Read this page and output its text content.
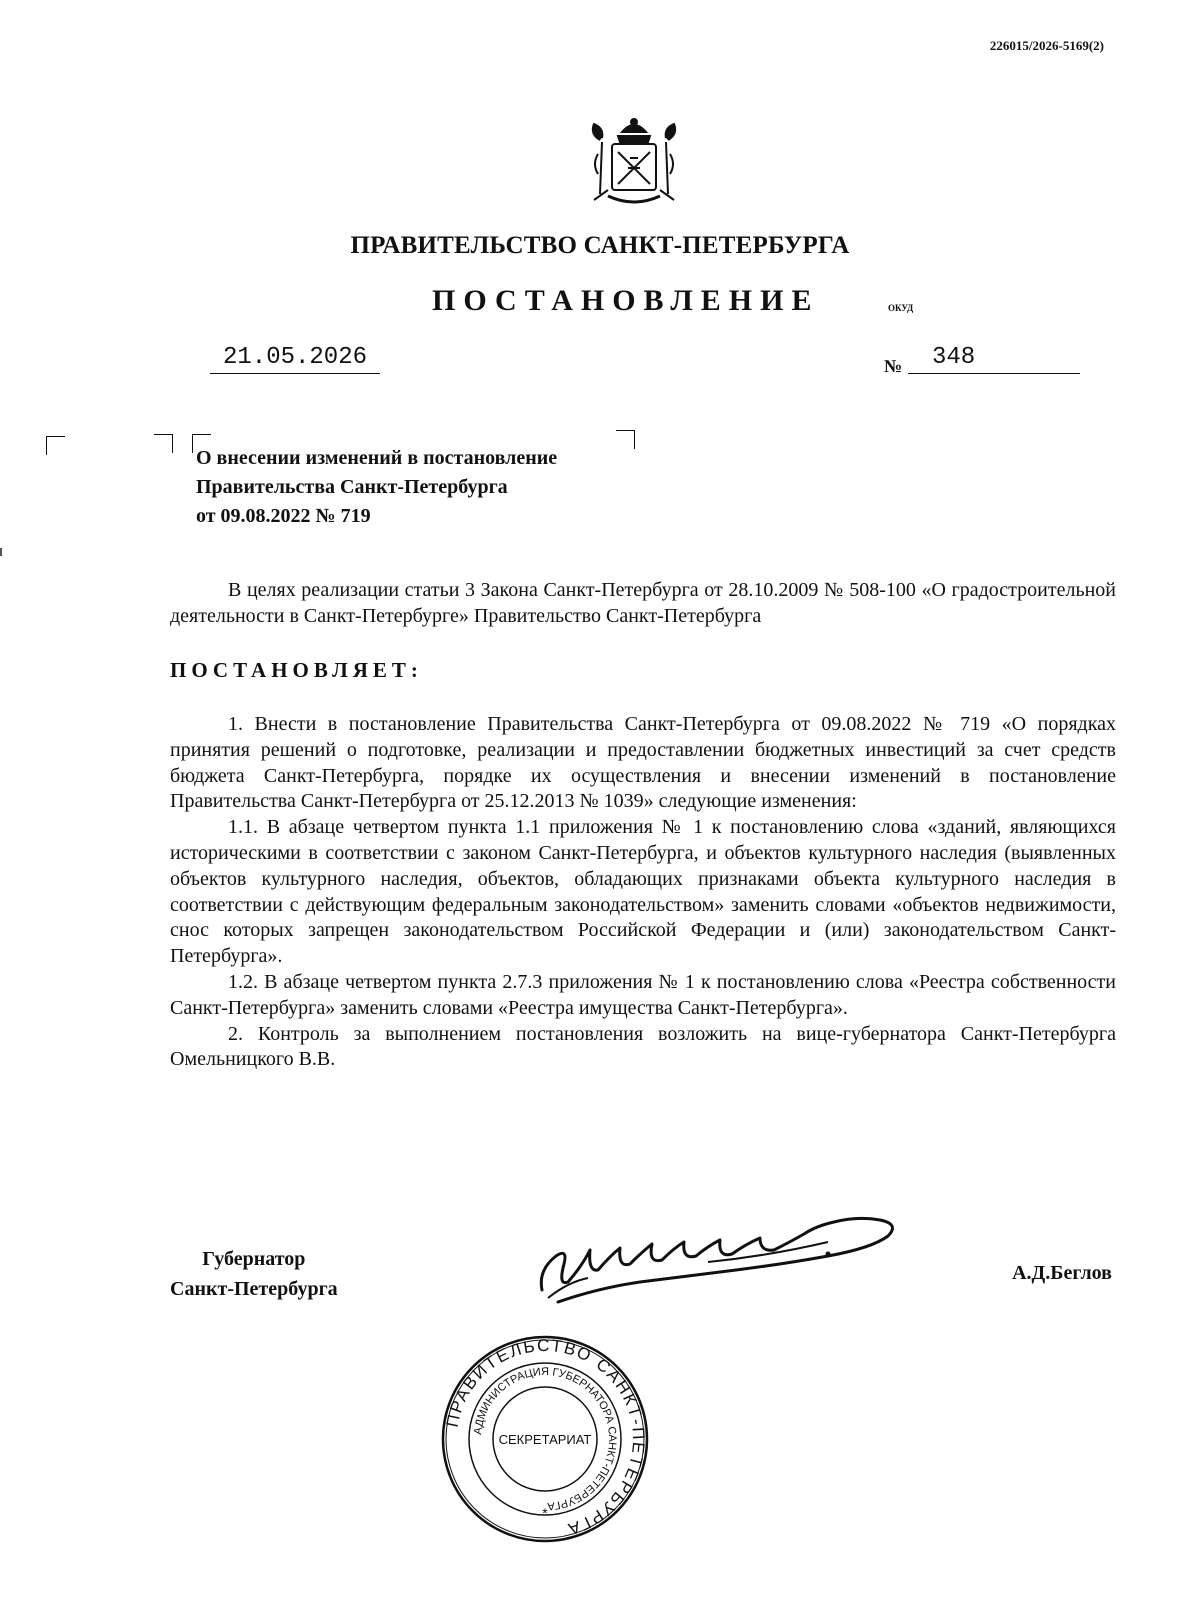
226015/2026-5169(2)
ПРАВИТЕЛЬСТВО САНКТ-ПЕТЕРБУРГА
ПОСТАНОВЛЕНИЕ	ОКУД
21.05.2026	№	348
О внесении изменений в постановление
Правительства Санкт-Петербурга
от 09.08.2022 № 719

В целях реализации статьи 3 Закона Санкт-Петербурга от 28.10.2009 № 508-100 «О градостроительной деятельности в Санкт-Петербурге» Правительство Санкт-Петербурга

ПОСТАНОВЛЯЕТ:

1. Внести в постановление Правительства Санкт-Петербурга от 09.08.2022 № 719 «О порядках принятия решений о подготовке, реализации и предоставлении бюджетных инвестиций за счет средств бюджета Санкт-Петербурга, порядке их осуществления и внесении изменений в постановление Правительства Санкт-Петербурга от 25.12.2013 № 1039» следующие изменения:

1.1. В абзаце четвертом пункта 1.1 приложения № 1 к постановлению слова «зданий, являющихся историческими в соответствии с законом Санкт-Петербурга, и объектов культурного наследия (выявленных объектов культурного наследия, объектов, обладающих признаками объекта культурного наследия в соответствии с действующим федеральным законодательством» заменить словами «объектов недвижимости, снос которых запрещен законодательством Российской Федерации и (или) законодательством Санкт-Петербурга».

1.2. В абзаце четвертом пункта 2.7.3 приложения № 1 к постановлению слова «Реестра собственности Санкт-Петербурга» заменить словами «Реестра имущества Санкт-Петербурга».

2. Контроль за выполнением постановления возложить на вице-губернатора Санкт-Петербурга Омельницкого В.В.

Губернатор
Санкт-Петербурга
А.Д.Беглов
ПРАВИТЕЛЬСТВО САНКТ-ПЕТЕРБУРГА
АДМИНИСТРАЦИЯ ГУБЕРНАТОРА САНКТ-ПЕТЕРБУРГА
СЕКРЕТАРИАТ
*
